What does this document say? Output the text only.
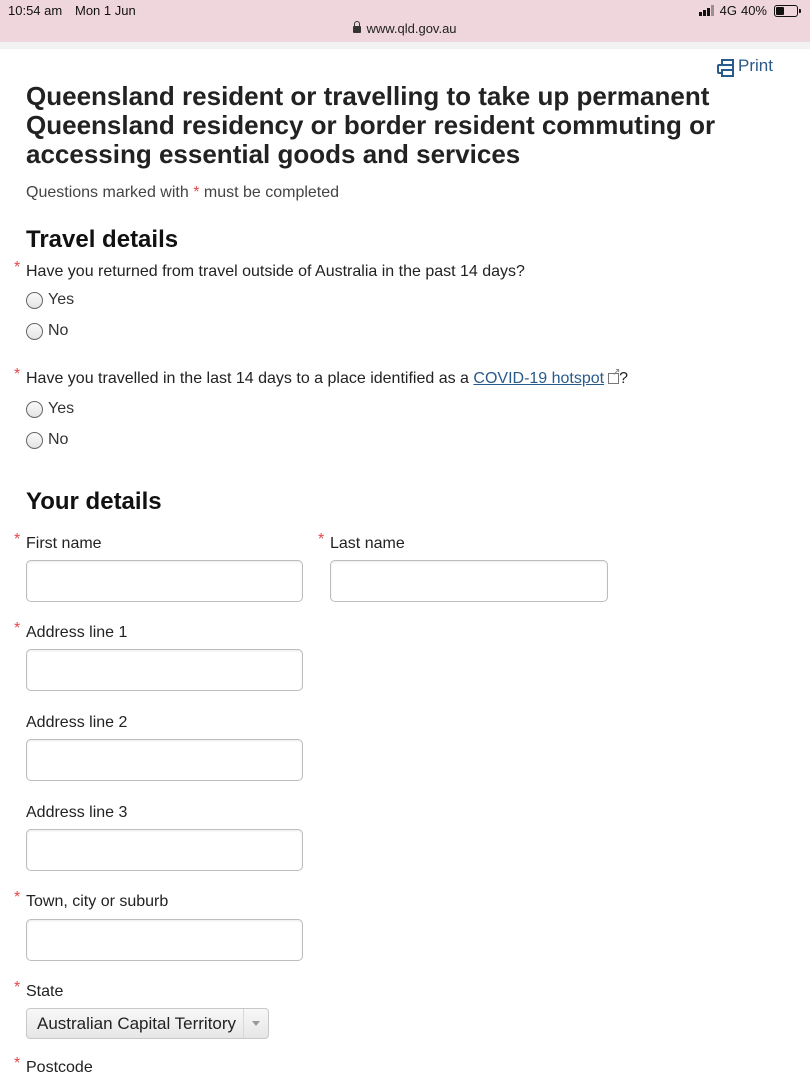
10:54 am Mon 1 Jun	4G 40%
www.qld.gov.au
Print
Queensland resident or travelling to take up permanent Queensland residency or border resident commuting or accessing essential goods and services
Questions marked with * must be completed
Travel details
* Have you returned from travel outside of Australia in the past 14 days?
Yes
No
* Have you travelled in the last 14 days to a place identified as a COVID-19 hotspot↗ ?
Yes
No
Your details
* First name	* Last name
* Address line 1
Address line 2
Address line 3
* Town, city or suburb
* State
Australian Capital Territory
* Postcode
